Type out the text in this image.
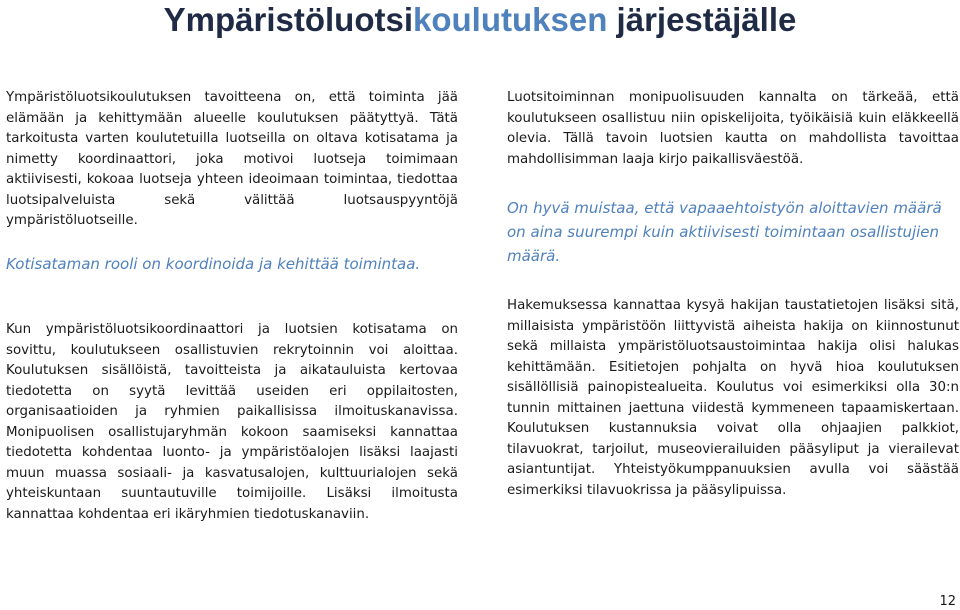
Ympäristöluotsikoulutuksen järjestäjälle

Ympäristöluotsikoulutuksen tavoitteena on, että toiminta jää elämään ja kehittymään alueelle koulutuksen päätyttyä. Tätä tarkoitusta varten koulutetuilla luotseilla on oltava kotisatama ja nimetty koordinaattori, joka motivoi luotseja toimimaan aktiivisesti, kokoaa luotseja yhteen ideoimaan toimintaa, tiedottaa luotsipalveluista sekä välittää luotsauspyyntöjä ympäristöluotseille.

Kotisataman rooli on koordinoida ja kehittää toimintaa.

Kun ympäristöluotsikoordinaattori ja luotsien kotisatama on sovittu, koulutukseen osallistuvien rekrytoinnin voi aloittaa. Koulutuksen sisällöistä, tavoitteista ja aikatauluista kertovaa tiedotetta on syytä levittää useiden eri oppilaitosten, organisaatioiden ja ryhmien paikallisissa ilmoituskanavissa. Monipuolisen osallistujaryhmän kokoon saamiseksi kannattaa tiedotetta kohdentaa luonto- ja ympäristöalojen lisäksi laajasti muun muassa sosiaali- ja kasvatusalojen, kulttuurialojen sekä yhteiskuntaan suuntautuville toimijoille. Lisäksi ilmoitusta kannattaa kohdentaa eri ikäryhmien tiedotuskanaviin.

Luotsitoiminnan monipuolisuuden kannalta on tärkeää, että koulutukseen osallistuu niin opiskelijoita, työikäisiä kuin eläkkeellä olevia. Tällä tavoin luotsien kautta on mahdollista tavoittaa mahdollisimman laaja kirjo paikallisväestöä.

On hyvä muistaa, että vapaaehtoistyön aloittavien määrä on aina suurempi kuin aktiivisesti toimintaan osallistujien määrä.

Hakemuksessa kannattaa kysyä hakijan taustatietojen lisäksi sitä, millaisista ympäristöön liittyvistä aiheista hakija on kiinnostunut sekä millaista ympäristöluotsaustoimintaa hakija olisi halukas kehittämään. Esitietojen pohjalta on hyvä hioa koulutuksen sisällöllisiä painopistealueita. Koulutus voi esimerkiksi olla 30:n tunnin mittainen jaettuna viidestä kymmeneen tapaamiskertaan. Koulutuksen kustannuksia voivat olla ohjaajien palkkiot, tilavuokrat, tarjoilut, museovierailuiden pääsyliput ja vierailevat asiantuntijat. Yhteistyökumppanuuksien avulla voi säästää esimerkiksi tilavuokrissa ja pääsylipuissa.

12
